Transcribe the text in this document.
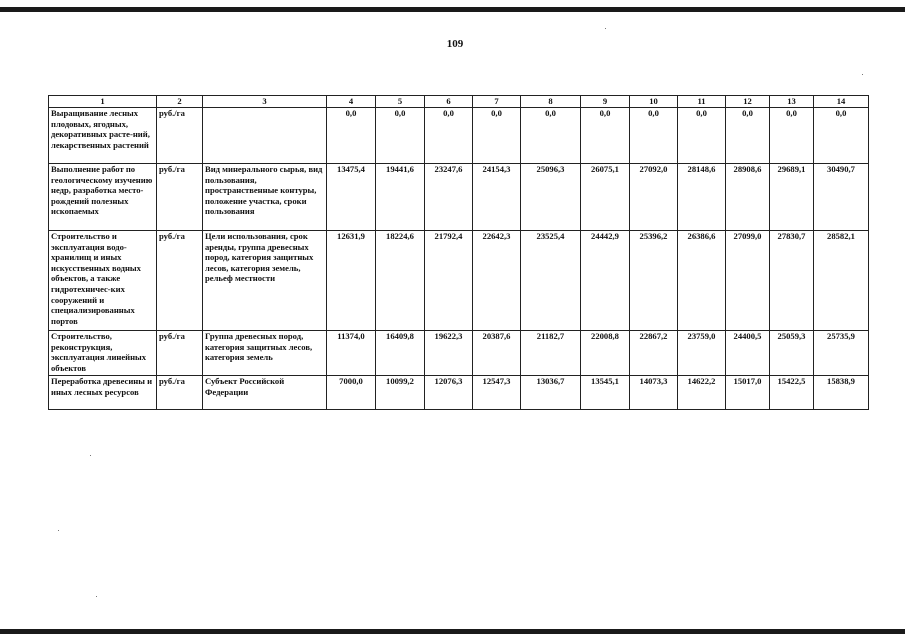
109
1	2	3	4	5	6	7	8	9	10	11	12	13	14
Выращивание лесных плодовых, ягодных, декоративных расте-ний, лекарственных растений	руб./га		0,0	0,0	0,0	0,0	0,0	0,0	0,0	0,0	0,0	0,0	0,0
Выполнение работ по геологическому изучению недр, разработка место-рождений полезных ископаемых	руб./га	Вид минерального сырья, вид пользования, пространственные контуры, положение участка, сроки пользования	13475,4	19441,6	23247,6	24154,3	25096,3	26075,1	27092,0	28148,6	28908,6	29689,1	30490,7
Строительство и эксплуатация водо-хранилищ и иных искусственных водных объектов, а также гидротехничес-ких сооружений и специализированных портов	руб./га	Цели использования, срок аренды, группа древесных пород, категория защитных лесов, категория земель, рельеф местности	12631,9	18224,6	21792,4	22642,3	23525,4	24442,9	25396,2	26386,6	27099,0	27830,7	28582,1
Строительство, реконструкция, эксплуатация линейных объектов	руб./га	Группа древесных пород, категория защитных лесов, категория земель	11374,0	16409,8	19622,3	20387,6	21182,7	22008,8	22867,2	23759,0	24400,5	25059,3	25735,9
Переработка древесины и иных лесных ресурсов	руб./га	Субъект Российской Федерации	7000,0	10099,2	12076,3	12547,3	13036,7	13545,1	14073,3	14622,2	15017,0	15422,5	15838,9
